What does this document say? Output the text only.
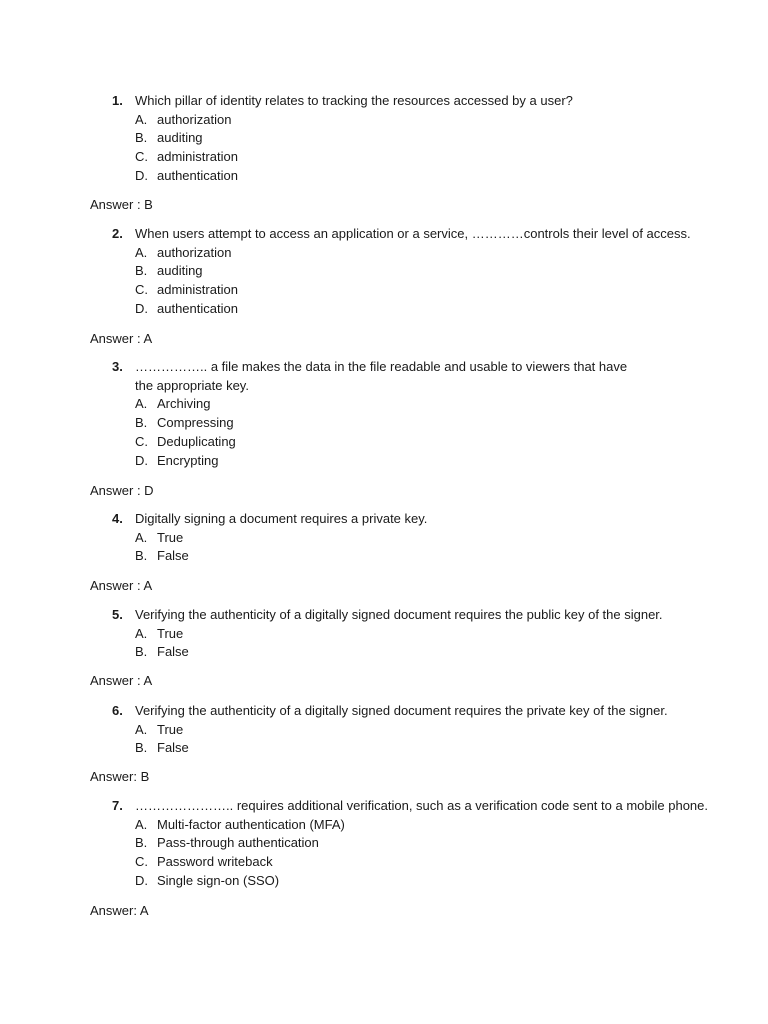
1. Which pillar of identity relates to tracking the resources accessed by a user?
A. authorization
B. auditing
C. administration
D. authentication
Answer : B
2. When users attempt to access an application or a service, …………controls their level of access.
A. authorization
B. auditing
C. administration
D. authentication
Answer : A
3. …………….. a file makes the data in the file readable and usable to viewers that have the appropriate key.
A. Archiving
B. Compressing
C. Deduplicating
D. Encrypting
Answer : D
4. Digitally signing a document requires a private key.
A. True
B. False
Answer : A
5. Verifying the authenticity of a digitally signed document requires the public key of the signer.
A. True
B. False
Answer : A
6. Verifying the authenticity of a digitally signed document requires the private key of the signer.
A. True
B. False
Answer: B
7. ………………….. requires additional verification, such as a verification code sent to a mobile phone.
A. Multi-factor authentication (MFA)
B. Pass-through authentication
C. Password writeback
D. Single sign-on (SSO)
Answer: A
